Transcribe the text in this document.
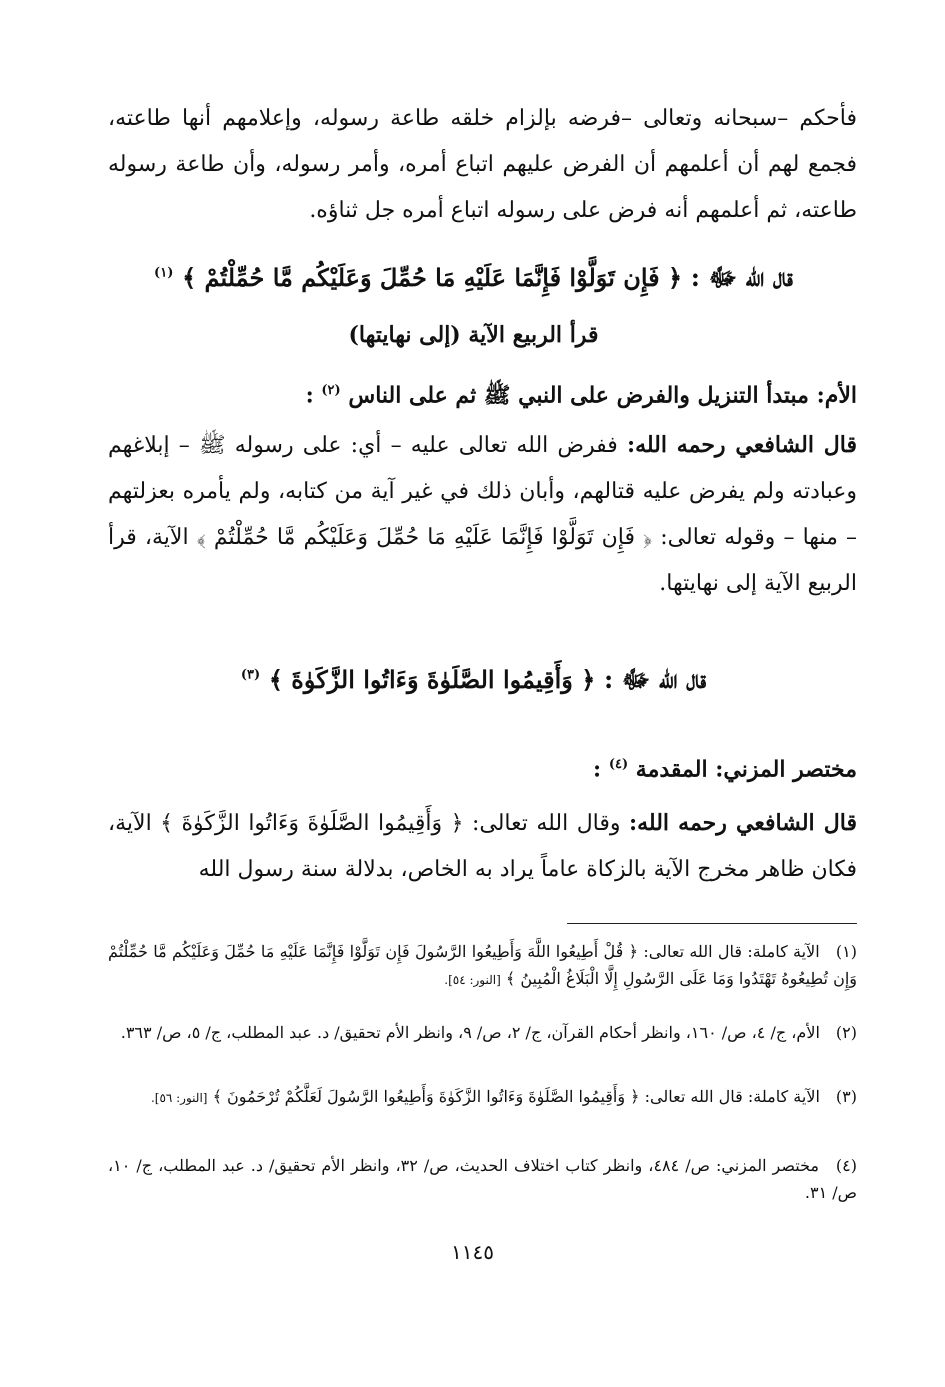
فأحكم –سبحانه وتعالى –فرضه بإلزام خلقه طاعة رسوله، وإعلامهم أنها طاعته، فجمع لهم أن أعلمهم أن الفرض عليهم اتباع أمره، وأمر رسوله، وأن طاعة رسوله طاعته، ثم أعلمهم أنه فرض على رسوله اتباع أمره جل ثناؤه.
قال الله ﷻ : ﴿ فَإِن تَوَلَّوْا فَإِنَّمَا عَلَيْهِ مَا حُمِّلَ وَعَلَيْكُم مَّا حُمِّلْتُمْ ﴾ $^{(١)}$
قرأ الربيع الآية (إلى نهايتها)
الأم: مبتدأ التنزيل والفرض على النبي ﷺ ثم على الناس $^{(٢)}$ :
قال الشافعي رحمه الله: ففرض الله تعالى عليه – أي: على رسوله ﷺ – إبلاغهم وعبادته ولم يفرض عليه قتالهم، وأبان ذلك في غير آية من كتابه، ولم يأمره بعزلتهم – منها – وقوله تعالى: ﴿ فَإِن تَوَلَّوْا فَإِنَّمَا عَلَيْهِ مَا حُمِّلَ وَعَلَيْكُم مَّا حُمِّلْتُمْ ﴾ الآية، قرأ الربيع الآية إلى نهايتها.
قال الله ﷻ : ﴿ وَأَقِيمُوا الصَّلَوٰةَ وَءَاتُوا الزَّكَوٰةَ ﴾ $^{(٣)}$
مختصر المزني: المقدمة $^{(٤)}$ :
قال الشافعي رحمه الله: وقال الله تعالى: ﴿ وَأَقِيمُوا الصَّلَوٰةَ وَءَاتُوا الزَّكَوٰةَ ﴾ الآية، فكان ظاهر مخرج الآية بالزكاة عاماً يراد به الخاص، بدلالة سنة رسول الله
(١) الآية كاملة: قال الله تعالى: ﴿ قُلْ أَطِيعُوا اللَّهَ وَأَطِيعُوا الرَّسُولَ فَإِن تَوَلَّوْا فَإِنَّمَا عَلَيْهِ مَا حُمِّلَ وَعَلَيْكُم مَّا حُمِّلْتُمْ وَإِن تُطِيعُوهُ تَهْتَدُوا وَمَا عَلَى الرَّسُولِ إِلَّا الْبَلَاغُ الْمُبِينُ ﴾ [النور: ٥٤].
(٢) الأم، ج/ ٤، ص/ ١٦٠، وانظر أحكام القرآن، ج/ ٢، ص/ ٩، وانظر الأم تحقيق/ د. عبد المطلب، ج/ ٥، ص/ ٣٦٣.
(٣) الآية كاملة: قال الله تعالى: ﴿ وَأَقِيمُوا الصَّلَوٰةَ وَءَاتُوا الزَّكَوٰةَ وَأَطِيعُوا الرَّسُولَ لَعَلَّكُمْ تُرْحَمُونَ ﴾ [النور: ٥٦].
(٤) مختصر المزني: ص/ ٤٨٤، وانظر كتاب اختلاف الحديث، ص/ ٣٢، وانظر الأم تحقيق/ د. عبد المطلب، ج/ ١٠، ص/ ٣١.
١١٤٥
